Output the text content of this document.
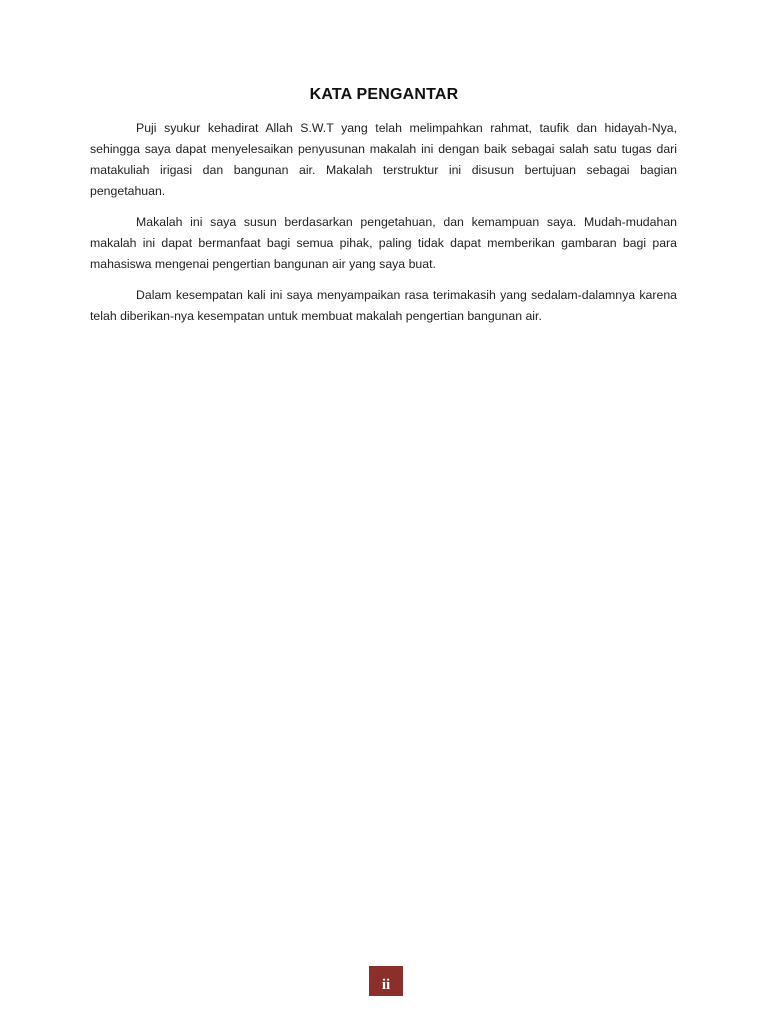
KATA PENGANTAR

Puji syukur kehadirat Allah S.W.T yang telah melimpahkan rahmat, taufik dan hidayah-Nya, sehingga saya dapat menyelesaikan penyusunan makalah ini dengan baik sebagai salah satu tugas dari matakuliah irigasi dan bangunan air. Makalah terstruktur ini disusun bertujuan sebagai bagian pengetahuan.

Makalah ini saya susun berdasarkan pengetahuan, dan kemampuan saya. Mudah-mudahan makalah ini dapat bermanfaat bagi semua pihak, paling tidak dapat memberikan gambaran bagi para mahasiswa mengenai pengertian bangunan air yang saya buat.

Dalam kesempatan kali ini saya menyampaikan rasa terimakasih yang sedalam-dalamnya karena telah diberikan-nya kesempatan untuk membuat makalah pengertian bangunan air.

ii
